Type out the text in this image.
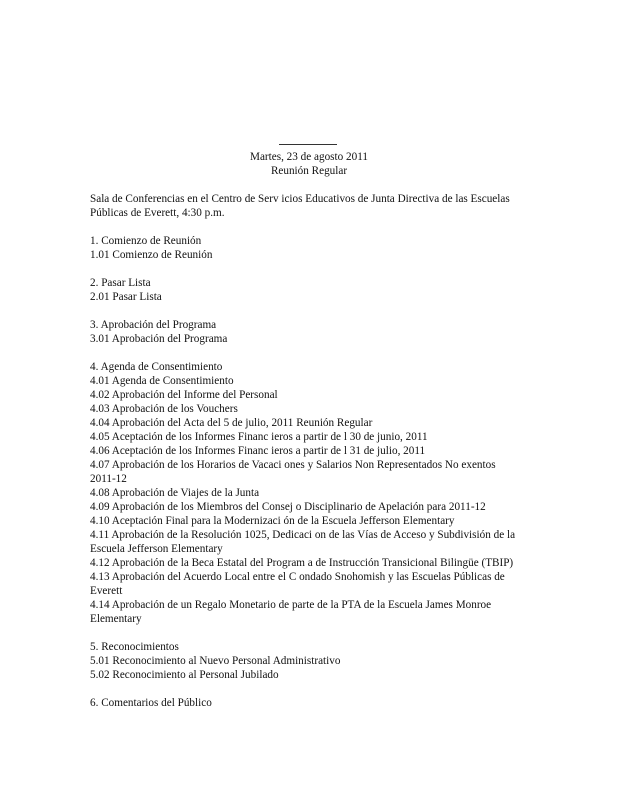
Martes, 23 de agosto 2011
Reunión Regular
Sala de Conferencias en el Centro de Serv icios Educativos de Junta Directiva de las Escuelas Públicas de Everett, 4:30 p.m.
1. Comienzo de Reunión
1.01 Comienzo de Reunión
2. Pasar Lista
2.01 Pasar Lista
3. Aprobación del Programa
3.01 Aprobación del Programa
4. Agenda de Consentimiento
4.01 Agenda de Consentimiento
4.02 Aprobación del Informe del Personal
4.03 Aprobación de los Vouchers
4.04 Aprobación del Acta del 5 de julio, 2011 Reunión Regular
4.05 Aceptación de los Informes Financ ieros a partir de l 30 de junio, 2011
4.06 Aceptación de los Informes Financ ieros a partir de l 31 de julio, 2011
4.07 Aprobación de los Horarios de Vacaci ones y Salarios Non Representados No exentos 2011-12
4.08 Aprobación de Viajes de la Junta
4.09 Aprobación de los Miembros del Consej o Disciplinario de Apelación para 2011-12
4.10 Aceptación Final para la Modernizaci ón de la Escuela Jefferson Elementary
4.11 Aprobación de la Resolución 1025, Dedicaci on de las Vías de Acceso y Subdivisión de la Escuela Jefferson Elementary
4.12 Aprobación de la Beca Estatal del Program a de Instrucción Transicional Bilingüe (TBIP)
4.13 Aprobación del Acuerdo Local entre el C ondado Snohomish y las Escuelas Públicas de Everett
4.14 Aprobación de un Regalo Monetario de parte de la PTA de la Escuela James Monroe Elementary
5. Reconocimientos
5.01 Reconocimiento al Nuevo Personal Administrativo
5.02 Reconocimiento al Personal Jubilado
6. Comentarios del Público
